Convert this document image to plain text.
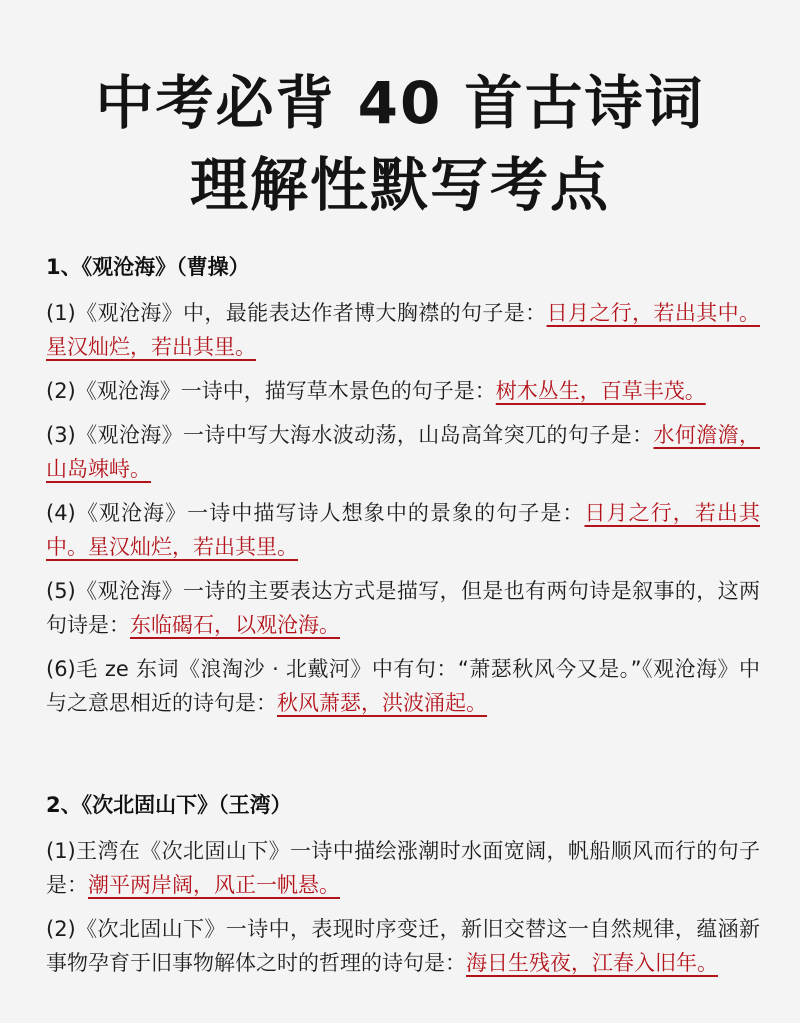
中考必背 40 首古诗词
理解性默写考点
1、《观沧海》（曹操）
(1)《观沧海》中，最能表达作者博大胸襟的句子是：日月之行，若出其中。星汉灿烂，若出其里。
(2)《观沧海》一诗中，描写草木景色的句子是：树木丛生，百草丰茂。
(3)《观沧海》一诗中写大海水波动荡，山岛高耸突兀的句子是：水何澹澹，山岛竦峙。
(4)《观沧海》一诗中描写诗人想象中的景象的句子是：日月之行，若出其中。星汉灿烂，若出其里。
(5)《观沧海》一诗的主要表达方式是描写，但是也有两句诗是叙事的，这两句诗是：东临碣石，以观沧海。
(6)毛 ze 东词《浪淘沙 · 北戴河》中有句：“萧瑟秋风今又是。”《观沧海》中与之意思相近的诗句是：秋风萧瑟，洪波涌起。
2、《次北固山下》（王湾）
(1)王湾在《次北固山下》一诗中描绘涨潮时水面宽阔，帆船顺风而行的句子是：潮平两岸阔，风正一帆悬。
(2)《次北固山下》一诗中，表现时序变迁，新旧交替这一自然规律，蕴涵新事物孕育于旧事物解体之时的哲理的诗句是：海日生残夜，江春入旧年。
